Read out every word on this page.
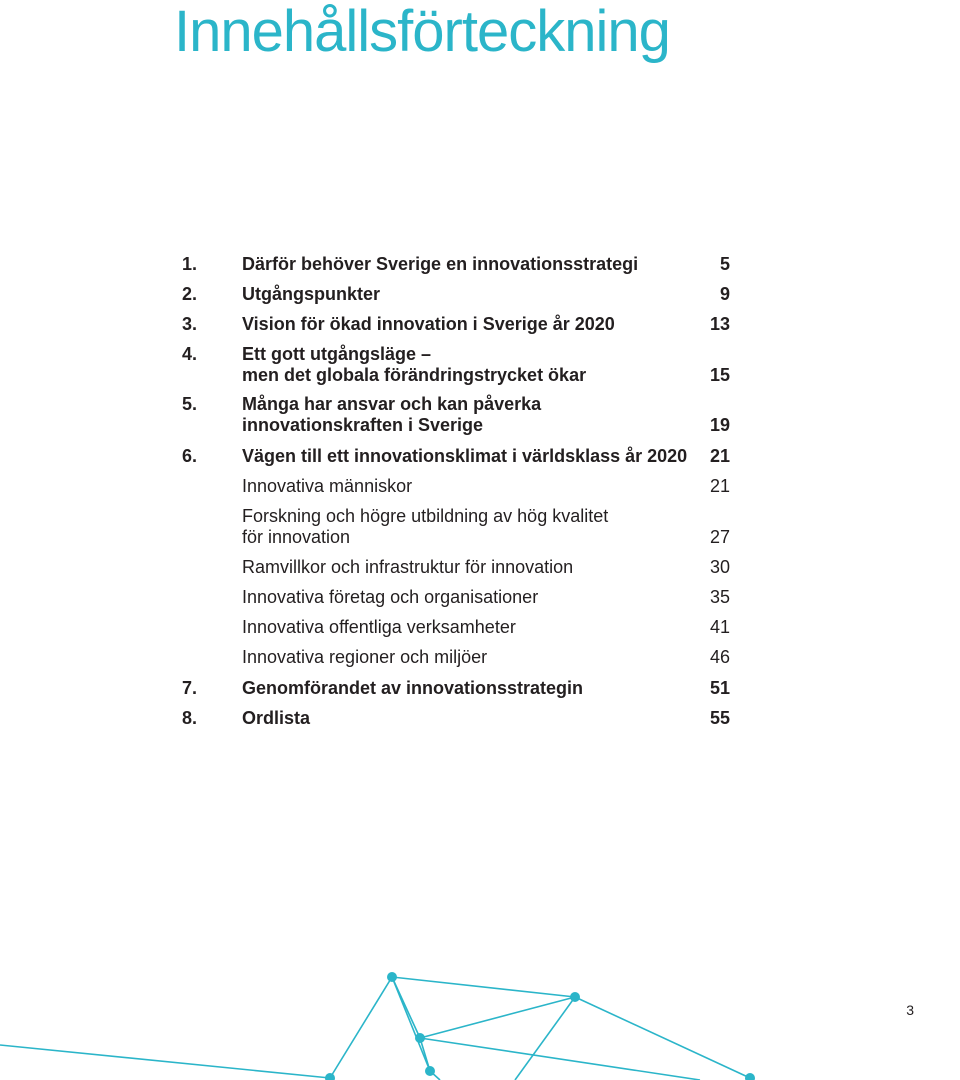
Innehållsförteckning
1. Därför behöver Sverige en innovationsstrategi	5
2. Utgångspunkter	9
3. Vision för ökad innovation i Sverige år 2020	13
4. Ett gott utgångsläge –
men det globala förändringstrycket ökar	15
5. Många har ansvar och kan påverka
innovationskraften i Sverige	19
6. Vägen till ett innovationsklimat i världsklass år 2020	21
Innovativa människor	21
Forskning och högre utbildning av hög kvalitet
för innovation	27
Ramvillkor och infrastruktur för innovation	30
Innovativa företag och organisationer	35
Innovativa offentliga verksamheter	41
Innovativa regioner och miljöer	46
7. Genomförandet av innovationsstrategin	51
8. Ordlista	55
3
